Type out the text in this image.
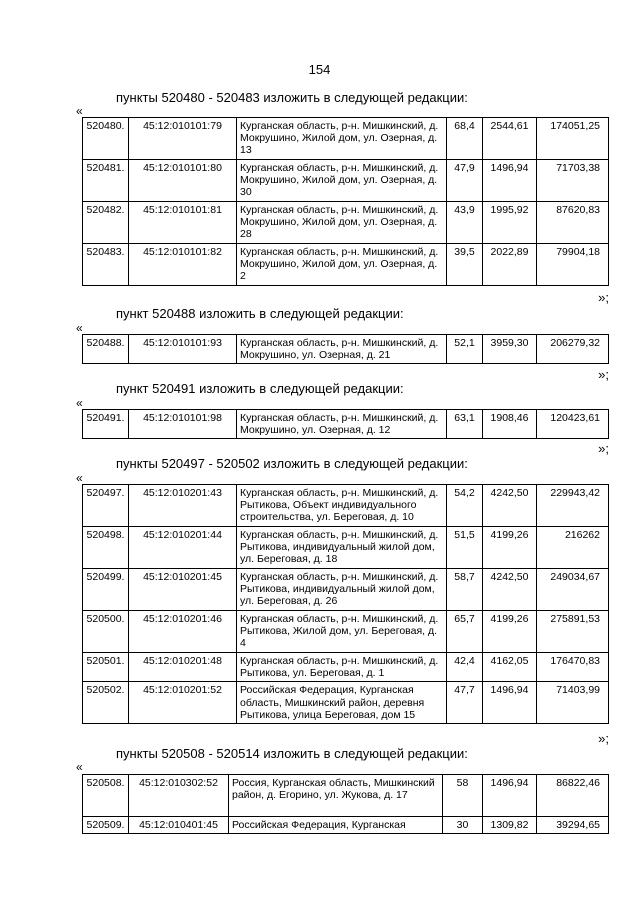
154
пункты 520480 - 520483 изложить в следующей редакции:
«
520480.	45:12:010101:79	Курганская область, р-н. Мишкинский, д. Мокрушино, Жилой дом, ул. Озерная, д. 13	68,4	2544,61	174051,25
520481.	45:12:010101:80	Курганская область, р-н. Мишкинский, д. Мокрушино, Жилой дом, ул. Озерная, д. 30	47,9	1496,94	71703,38
520482.	45:12:010101:81	Курганская область, р-н. Мишкинский, д. Мокрушино, Жилой дом, ул. Озерная, д. 28	43,9	1995,92	87620,83
520483.	45:12:010101:82	Курганская область, р-н. Мишкинский, д. Мокрушино, Жилой дом, ул. Озерная, д. 2	39,5	2022,89	79904,18
»;
пункт 520488 изложить в следующей редакции:
«
520488.	45:12:010101:93	Курганская область, р-н. Мишкинский, д. Мокрушино, ул. Озерная, д. 21	52,1	3959,30	206279,32
»;
пункт 520491 изложить в следующей редакции:
«
520491.	45:12:010101:98	Курганская область, р-н. Мишкинский, д. Мокрушино, ул. Озерная, д. 12	63,1	1908,46	120423,61
»;
пункты 520497 - 520502 изложить в следующей редакции:
«
520497.	45:12:010201:43	Курганская область, р-н. Мишкинский, д. Рытикова, Объект индивидуального строительства, ул. Береговая, д. 10	54,2	4242,50	229943,42
520498.	45:12:010201:44	Курганская область, р-н. Мишкинский, д. Рытикова, индивидуальный жилой дом, ул. Береговая, д. 18	51,5	4199,26	216262
520499.	45:12:010201:45	Курганская область, р-н. Мишкинский, д. Рытикова, индивидуальный жилой дом, ул. Береговая, д. 26	58,7	4242,50	249034,67
520500.	45:12:010201:46	Курганская область, р-н. Мишкинский, д. Рытикова, Жилой дом, ул. Береговая, д. 4	65,7	4199,26	275891,53
520501.	45:12:010201:48	Курганская область, р-н. Мишкинский, д. Рытикова, ул. Береговая, д. 1	42,4	4162,05	176470,83
520502.	45:12:010201:52	Российская Федерация, Курганская область, Мишкинский район, деревня Рытикова, улица Береговая, дом 15	47,7	1496,94	71403,99
»;
пункты 520508 - 520514 изложить в следующей редакции:
«
520508.	45:12:010302:52	Россия, Курганская область, Мишкинский район, д. Егорино, ул. Жукова, д. 17	58	1496,94	86822,46
520509.	45:12:010401:45	Российская Федерация, Курганская	30	1309,82	39294,65
